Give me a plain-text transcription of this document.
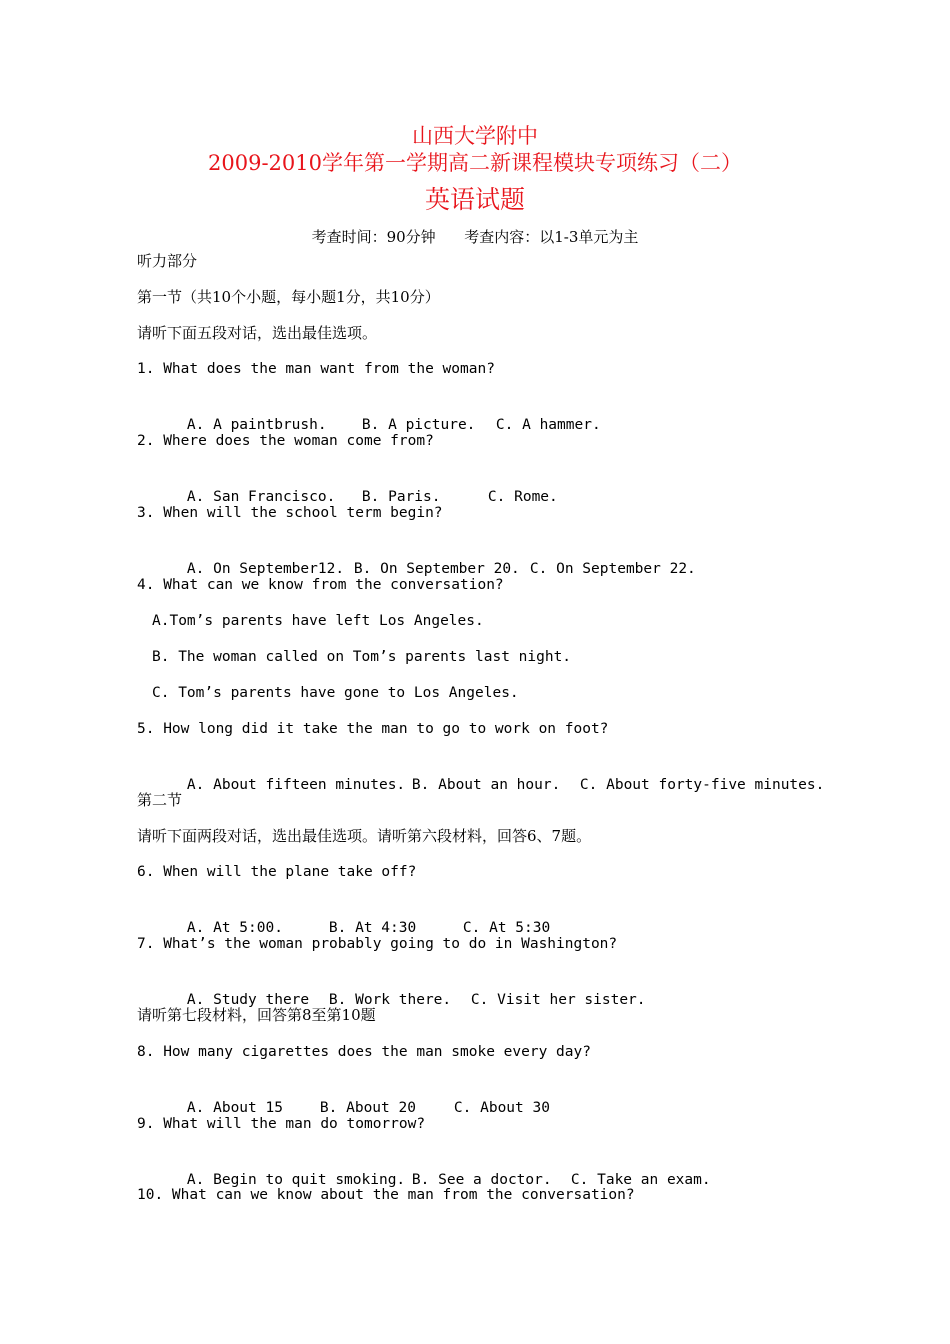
山西大学附中
2009-2010学年第一学期高二新课程模块专项练习（二）
英语试题
考查时间：90分钟      考查内容：以1-3单元为主
听力部分
第一节（共10个小题，每小题1分，共10分）
请听下面五段对话，选出最佳选项。
1. What does the man want from the woman?

A. A paintbrush. B. A picture. C. A hammer.

2. Where does the woman come from?

A. San Francisco. B. Paris.	C. Rome.

3. When will the school term begin?

A. On September12. B. On September 20. C. On September 22.

4. What can we know from the conversation?
A.Tom’s parents have left Los Angeles.
B. The woman called on Tom’s parents last night.
C. Tom’s parents have gone to Los Angeles.
5. How long did it take the man to go to work on foot?

A. About fifteen minutes. B. About an hour. C. About forty-five minutes.

第二节
请听下面两段对话，选出最佳选项。请听第六段材料，回答6、7题。
6. When will the plane take off?

A. At 5:00.	B. At 4:30	C. At 5:30

7. What’s the woman probably going to do in Washington?

A. Study there B. Work there. C. Visit her sister.

请听第七段材料，回答第8至第10题
8. How many cigarettes does the man smoke every day?

A. About 15	B. About 20	C. About 30

9. What will the man do tomorrow?

A. Begin to quit smoking. B. See a doctor. C. Take an exam.

10. What can we know about the man from the conversation?
